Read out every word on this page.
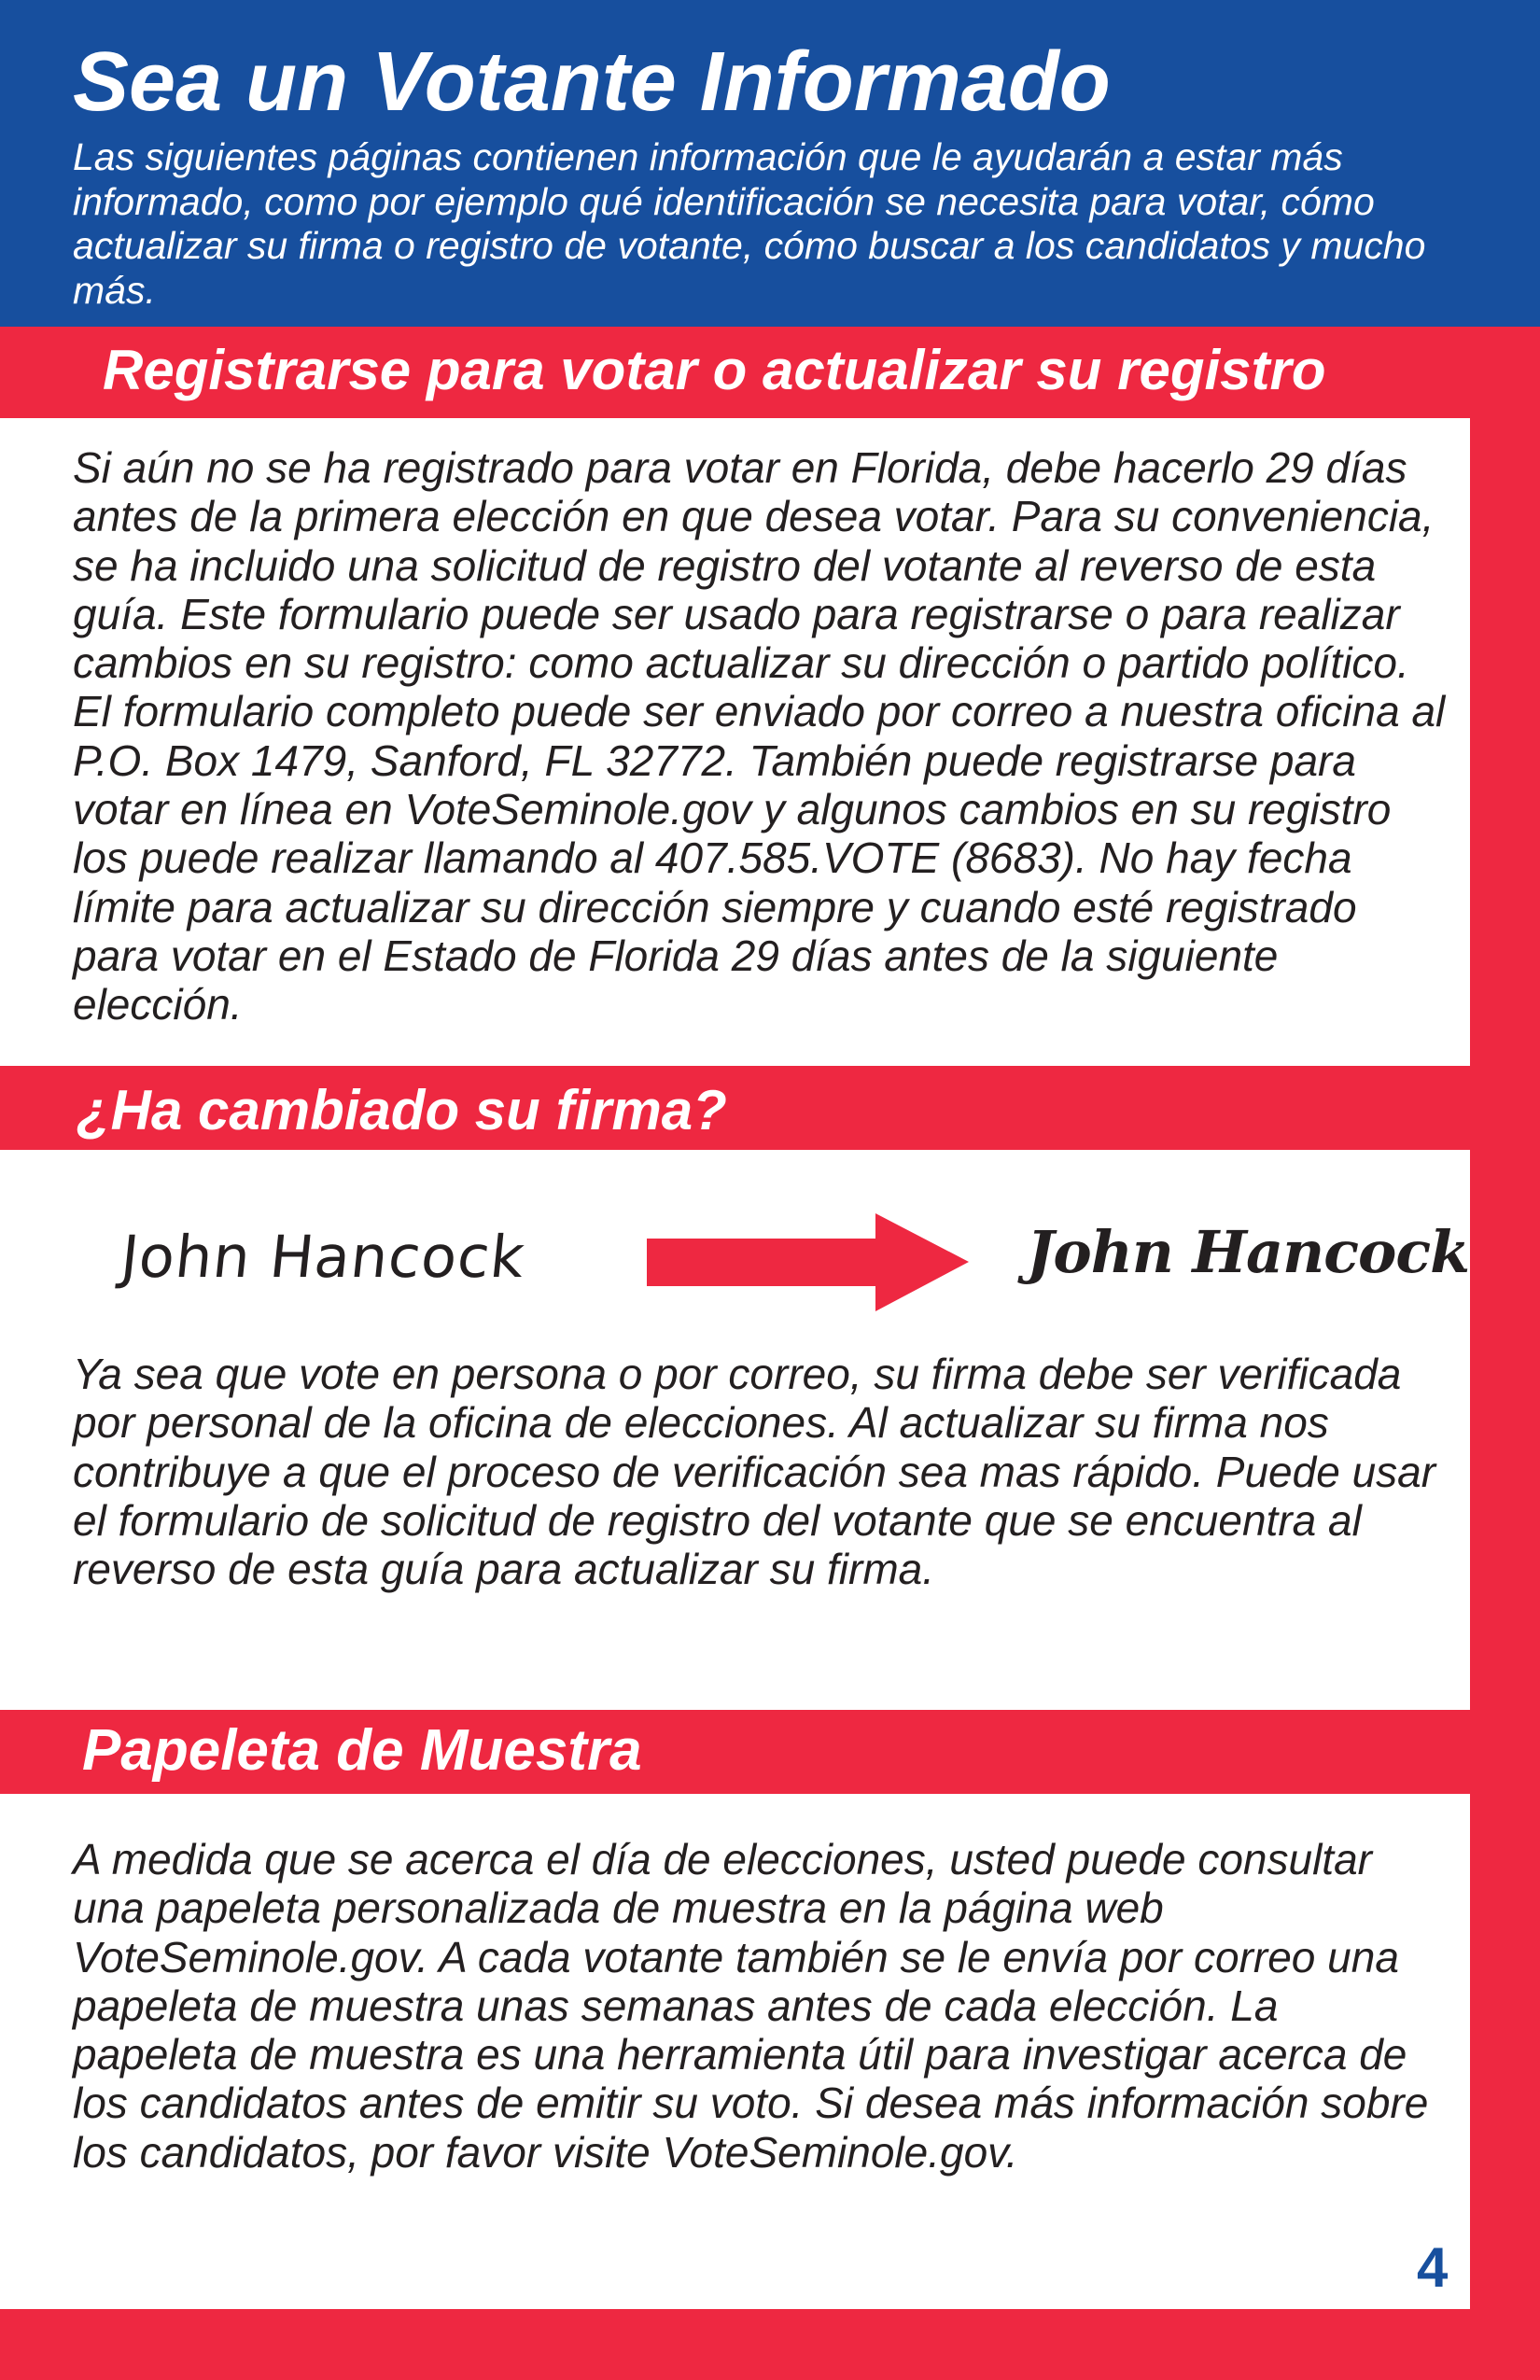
Sea un Votante Informado

Las siguientes páginas contienen información que le ayudarán a estar más informado, como por ejemplo qué identificación se necesita para votar, cómo actualizar su firma o registro de votante, cómo buscar a los candidatos y mucho más.

Registrarse para votar o actualizar su registro

Si aún no se ha registrado para votar en Florida, debe hacerlo 29 días antes de la primera elección en que desea votar. Para su conveniencia, se ha incluido una solicitud de registro del votante al reverso de esta guía. Este formulario puede ser usado para registrarse o para realizar cambios en su registro: como actualizar su dirección o partido político. El formulario completo puede ser enviado por correo a nuestra oficina al P.O. Box 1479, Sanford, FL 32772. También puede registrarse para votar en línea en VoteSeminole.gov y algunos cambios en su registro los puede realizar llamando al 407.585.VOTE (8683). No hay fecha límite para actualizar su dirección siempre y cuando esté registrado para votar en el Estado de Florida 29 días antes de la siguiente elección.

¿Ha cambiado su firma?
John Hancock	John Hancock

Ya sea que vote en persona o por correo, su firma debe ser verificada por personal de la oficina de elecciones. Al actualizar su firma nos contribuye a que el proceso de verificación sea mas rápido. Puede usar el formulario de solicitud de registro del votante que se encuentra al reverso de esta guía para actualizar su firma.

Papeleta de Muestra

A medida que se acerca el día de elecciones, usted puede consultar una papeleta personalizada de muestra en la página web VoteSeminole.gov. A cada votante también se le envía por correo una papeleta de muestra unas semanas antes de cada elección. La papeleta de muestra es una herramienta útil para investigar acerca de los candidatos antes de emitir su voto. Si desea más información sobre los candidatos, por favor visite VoteSeminole.gov.

4
